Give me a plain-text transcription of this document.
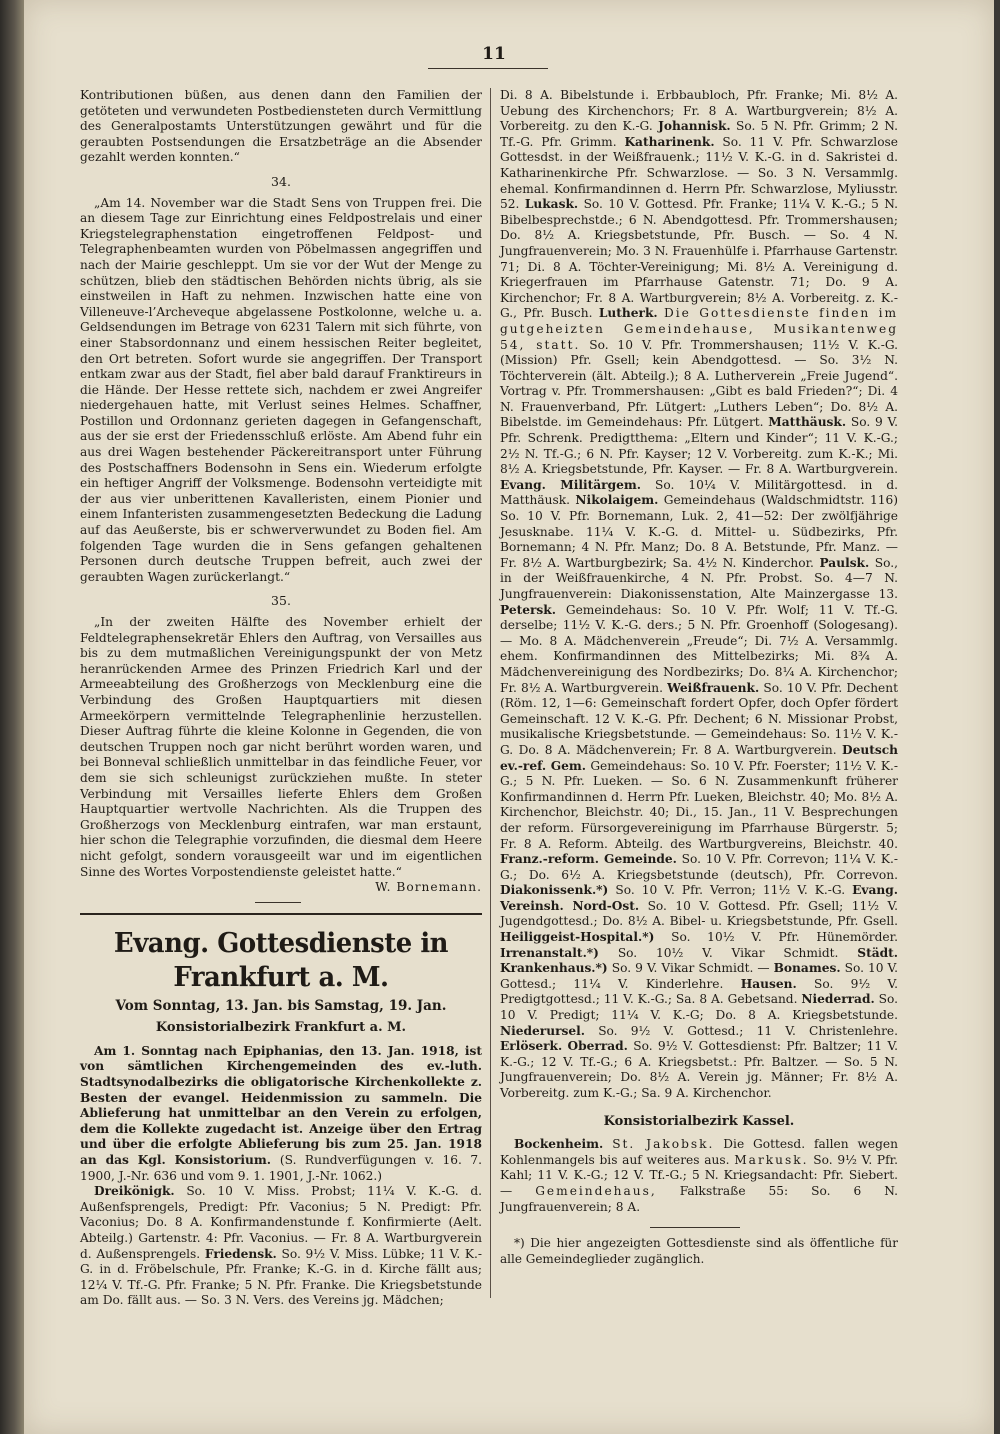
11

Kontributionen büßen, aus denen dann den Familien der getöteten und verwundeten Postbediensteten durch Vermittlung des Generalpostamts Unterstützungen gewährt und für die geraubten Postsendungen die Ersatzbeträge an die Absender gezahlt werden konnten.“

34.

„Am 14. November war die Stadt Sens von Truppen frei. Die an diesem Tage zur Einrichtung eines Feldpostrelais und einer Kriegstelegraphenstation eingetroffenen Feldpost- und Telegraphenbeamten wurden von Pöbelmassen angegriffen und nach der Mairie geschleppt. Um sie vor der Wut der Menge zu schützen, blieb den städtischen Behörden nichts übrig, als sie einstweilen in Haft zu nehmen. Inzwischen hatte eine von Villeneuve-l’Archeveque abgelassene Postkolonne, welche u. a. Geldsendungen im Betrage von 6231 Talern mit sich führte, von einer Stabsordonnanz und einem hessischen Reiter begleitet, den Ort betreten. Sofort wurde sie angegriffen. Der Transport entkam zwar aus der Stadt, fiel aber bald darauf Franktireurs in die Hände. Der Hesse rettete sich, nachdem er zwei Angreifer niedergehauen hatte, mit Verlust seines Helmes. Schaffner, Postillon und Ordonnanz gerieten dagegen in Gefangenschaft, aus der sie erst der Friedensschluß erlöste. Am Abend fuhr ein aus drei Wagen bestehender Päckereitransport unter Führung des Postschaffners Bodensohn in Sens ein. Wiederum erfolgte ein heftiger Angriff der Volksmenge. Bodensohn verteidigte mit der aus vier unberittenen Kavalleristen, einem Pionier und einem Infanteristen zusammengesetzten Bedeckung die Ladung auf das Aeußerste, bis er schwerverwundet zu Boden fiel. Am folgenden Tage wurden die in Sens gefangen gehaltenen Personen durch deutsche Truppen befreit, auch zwei der geraubten Wagen zurückerlangt.“

35.

„In der zweiten Hälfte des November erhielt der Feldtelegraphensekretär Ehlers den Auftrag, von Versailles aus bis zu dem mutmaßlichen Vereinigungspunkt der von Metz heranrückenden Armee des Prinzen Friedrich Karl und der Armeeabteilung des Großherzogs von Mecklenburg eine die Verbindung des Großen Hauptquartiers mit diesen Armeekörpern vermittelnde Telegraphenlinie herzustellen. Dieser Auftrag führte die kleine Kolonne in Gegenden, die von deutschen Truppen noch gar nicht berührt worden waren, und bei Bonneval schließlich unmittelbar in das feindliche Feuer, vor dem sie sich schleunigst zurückziehen mußte. In steter Verbindung mit Versailles lieferte Ehlers dem Großen Hauptquartier wertvolle Nachrichten. Als die Truppen des Großherzogs von Mecklenburg eintrafen, war man erstaunt, hier schon die Telegraphie vorzufinden, die diesmal dem Heere nicht gefolgt, sondern vorausgeeilt war und im eigentlichen Sinne des Wortes Vorpostendienste geleistet hatte.“

W. Bornemann.
Evang. Gottesdienste in Frankfurt a. M.
Vom Sonntag, 13. Jan. bis Samstag, 19. Jan.
Konsistorialbezirk Frankfurt a. M.

Am 1. Sonntag nach Epiphanias, den 13. Jan. 1918, ist von sämtlichen Kirchengemeinden des ev.-luth. Stadtsynodalbezirks die obligatorische Kirchenkollekte z. Besten der evangel. Heidenmission zu sammeln. Die Ablieferung hat unmittelbar an den Verein zu erfolgen, dem die Kollekte zugedacht ist. Anzeige über den Ertrag und über die erfolgte Ablieferung bis zum 25. Jan. 1918 an das Kgl. Konsistorium. (S. Rundverfügungen v. 16. 7. 1900, J.-Nr. 636 und vom 9. 1. 1901, J.-Nr. 1062.)

Dreikönigk. So. 10 V. Miss. Probst; 11¼ V. K.-G. d. Außenfsprengels, Predigt: Pfr. Vaconius; 5 N. Predigt: Pfr. Vaconius; Do. 8 A. Konfirmandenstunde f. Konfirmierte (Aelt. Abteilg.) Gartenstr. 4: Pfr. Vaconius. — Fr. 8 A. Wartburgverein d. Außensprengels. Friedensk. So. 9½ V. Miss. Lübke; 11 V. K.-G. in d. Fröbelschule, Pfr. Franke; K.-G. in d. Kirche fällt aus; 12¼ V. Tf.-G. Pfr. Franke; 5 N. Pfr. Franke. Die Kriegsbetstunde am Do. fällt aus. — So. 3 N. Vers. des Vereins jg. Mädchen;

Di. 8 A. Bibelstunde i. Erbbaubloch, Pfr. Franke; Mi. 8½ A. Uebung des Kirchenchors; Fr. 8 A. Wartburgverein; 8½ A. Vorbereitg. zu den K.-G. Johannisk. So. 5 N. Pfr. Grimm; 2 N. Tf.-G. Pfr. Grimm. Katharinenk. So. 11 V. Pfr. Schwarzlose Gottesdst. in der Weißfrauenk.; 11½ V. K.-G. in d. Sakristei d. Katharinenkirche Pfr. Schwarzlose. — So. 3 N. Versammlg. ehemal. Konfirmandinnen d. Herrn Pfr. Schwarzlose, Myliusstr. 52. Lukask. So. 10 V. Gottesd. Pfr. Franke; 11¼ V. K.-G.; 5 N. Bibelbesprechstde.; 6 N. Abendgottesd. Pfr. Trommershausen; Do. 8½ A. Kriegsbetstunde, Pfr. Busch. — So. 4 N. Jungfrauenverein; Mo. 3 N. Frauenhülfe i. Pfarrhause Gartenstr. 71; Di. 8 A. Töchter-Vereinigung; Mi. 8½ A. Vereinigung d. Kriegerfrauen im Pfarrhause Gatenstr. 71; Do. 9 A. Kirchenchor; Fr. 8 A. Wartburgverein; 8½ A. Vorbereitg. z. K.-G., Pfr. Busch. Lutherk. Die Gottesdienste finden im gutgeheizten Gemeindehause, Musikantenweg 54, statt. So. 10 V. Pfr. Trommershausen; 11½ V. K.-G. (Mission) Pfr. Gsell; kein Abendgottesd. — So. 3½ N. Töchterverein (ält. Abteilg.); 8 A. Lutherverein „Freie Jugend“. Vortrag v. Pfr. Trommershausen: „Gibt es bald Frieden?“; Di. 4 N. Frauenverband, Pfr. Lütgert: „Luthers Leben“; Do. 8½ A. Bibelstde. im Gemeindehaus: Pfr. Lütgert. Matthäusk. So. 9 V. Pfr. Schrenk. Predigtthema: „Eltern und Kinder“; 11 V. K.-G.; 2½ N. Tf.-G.; 6 N. Pfr. Kayser; 12 V. Vorbereitg. zum K.-K.; Mi. 8½ A. Kriegsbetstunde, Pfr. Kayser. — Fr. 8 A. Wartburgverein. Evang. Militärgem. So. 10¼ V. Militärgottesd. in d. Matthäusk. Nikolaigem. Gemeindehaus (Waldschmidtstr. 116) So. 10 V. Pfr. Bornemann, Luk. 2, 41—52: Der zwölfjährige Jesusknabe. 11¼ V. K.-G. d. Mittel- u. Südbezirks, Pfr. Bornemann; 4 N. Pfr. Manz; Do. 8 A. Betstunde, Pfr. Manz. — Fr. 8½ A. Wartburgbezirk; Sa. 4½ N. Kinderchor. Paulsk. So., in der Weißfrauenkirche, 4 N. Pfr. Probst. So. 4—7 N. Jungfrauenverein: Diakonissenstation, Alte Mainzergasse 13. Petersk. Gemeindehaus: So. 10 V. Pfr. Wolf; 11 V. Tf.-G. derselbe; 11½ V. K.-G. ders.; 5 N. Pfr. Groenhoff (Sologesang). — Mo. 8 A. Mädchenverein „Freude“; Di. 7½ A. Versammlg. ehem. Konfirmandinnen des Mittelbezirks; Mi. 8¾ A. Mädchenvereinigung des Nordbezirks; Do. 8¼ A. Kirchenchor; Fr. 8½ A. Wartburgverein. Weißfrauenk. So. 10 V. Pfr. Dechent (Röm. 12, 1—6: Gemeinschaft fordert Opfer, doch Opfer fördert Gemeinschaft. 12 V. K.-G. Pfr. Dechent; 6 N. Missionar Probst, musikalische Kriegsbetstunde. — Gemeindehaus: So. 11½ V. K.-G. Do. 8 A. Mädchenverein; Fr. 8 A. Wartburgverein. Deutsch ev.-ref. Gem. Gemeindehaus: So. 10 V. Pfr. Foerster; 11½ V. K.-G.; 5 N. Pfr. Lueken. — So. 6 N. Zusammenkunft früherer Konfirmandinnen d. Herrn Pfr. Lueken, Bleichstr. 40; Mo. 8½ A. Kirchenchor, Bleichstr. 40; Di., 15. Jan., 11 V. Besprechungen der reform. Fürsorgevereinigung im Pfarrhause Bürgerstr. 5; Fr. 8 A. Reform. Abteilg. des Wartburgvereins, Bleichstr. 40. Franz.-reform. Gemeinde. So. 10 V. Pfr. Correvon; 11¼ V. K.-G.; Do. 6½ A. Kriegsbetstunde (deutsch), Pfr. Correvon. Diakonissenk.*) So. 10 V. Pfr. Verron; 11½ V. K.-G. Evang. Vereinsh. Nord-Ost. So. 10 V. Gottesd. Pfr. Gsell; 11½ V. Jugendgottesd.; Do. 8½ A. Bibel- u. Kriegsbetstunde, Pfr. Gsell. Heiliggeist-Hospital.*) So. 10½ V. Pfr. Hünemörder. Irrenanstalt.*) So. 10½ V. Vikar Schmidt. Städt. Krankenhaus.*) So. 9 V. Vikar Schmidt. — Bonames. So. 10 V. Gottesd.; 11¼ V. Kinderlehre. Hausen. So. 9½ V. Predigtgottesd.; 11 V. K.-G.; Sa. 8 A. Gebetsand. Niederrad. So. 10 V. Predigt; 11¼ V. K.-G; Do. 8 A. Kriegsbetstunde. Niederursel. So. 9½ V. Gottesd.; 11 V. Christenlehre. Erlöserk. Oberrad. So. 9½ V. Gottesdienst: Pfr. Baltzer; 11 V. K.-G.; 12 V. Tf.-G.; 6 A. Kriegsbetst.: Pfr. Baltzer. — So. 5 N. Jungfrauenverein; Do. 8½ A. Verein jg. Männer; Fr. 8½ A. Vorbereitg. zum K.-G.; Sa. 9 A. Kirchenchor.

Konsistorialbezirk Kassel.

Bockenheim. St. Jakobsk. Die Gottesd. fallen wegen Kohlenmangels bis auf weiteres aus. Markusk. So. 9½ V. Pfr. Kahl; 11 V. K.-G.; 12 V. Tf.-G.; 5 N. Kriegsandacht: Pfr. Siebert. — Gemeindehaus, Falkstraße 55: So. 6 N. Jungfrauenverein; 8 A.

*) Die hier angezeigten Gottesdienste sind als öffentliche für alle Gemeindeglieder zugänglich.
